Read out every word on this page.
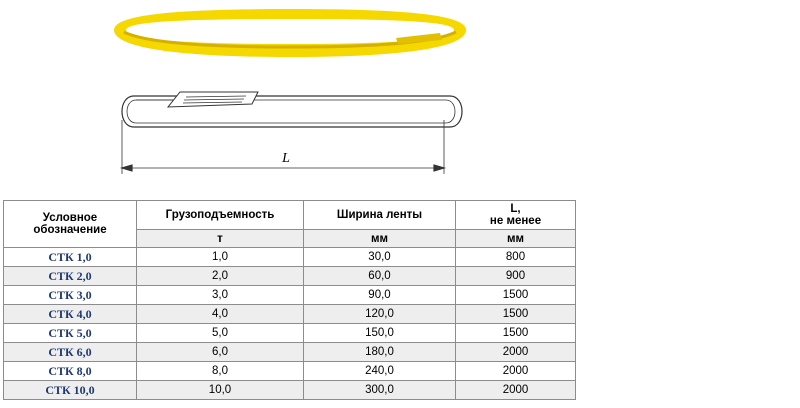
L
Условное
обозначение	Грузоподъемность	Ширина ленты	L,
не менее
	т	мм	мм
СТК 1,0	1,0	30,0	800
СТК 2,0	2,0	60,0	900
СТК 3,0	3,0	90,0	1500
СТК 4,0	4,0	120,0	1500
СТК 5,0	5,0	150,0	1500
СТК 6,0	6,0	180,0	2000
СТК 8,0	8,0	240,0	2000
СТК 10,0	10,0	300,0	2000
